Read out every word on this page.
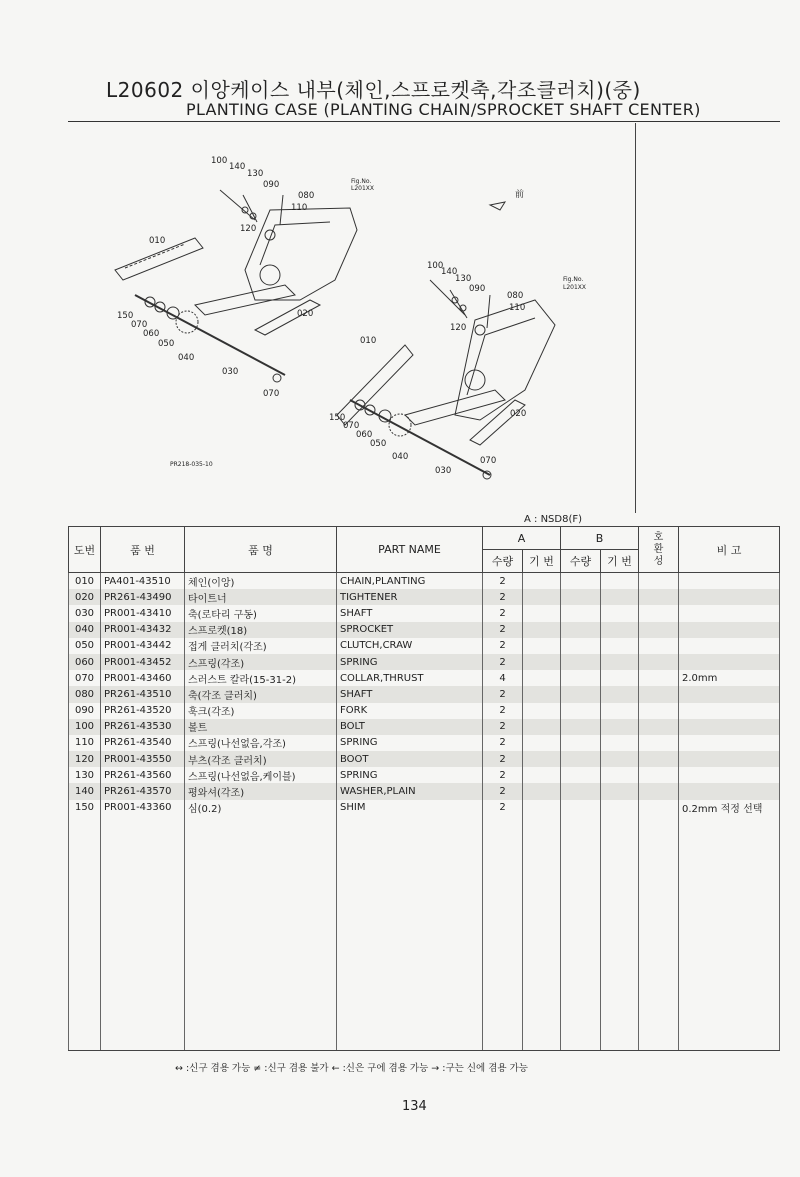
L20602 이앙케이스 내부(체인,스프로켓축,각조클러치)(중)
PLANTING CASE (PLANTING CHAIN/SPROCKET SHAFT CENTER)
100
140
130
090
080
110
120
010
150
070
060
050
040
030
070
020
Fig.No.
L201XX
100
140
130
090
080
110
120
010
150
070
060
050
040
030
070
020
Fig.No.
L201XX
前
PR218-035-10
A : NSD8(F)
도번	품 번	품 명	PART NAME	A		B		호환성	비 고
				수량	기 번	수량	기 번		
010	PA401-43510	체인(이앙)	CHAIN,PLANTING	2					
020	PR261-43490	타이트너	TIGHTENER	2					
030	PR001-43410	축(로타리 구동)	SHAFT	2					
040	PR001-43432	스프로켓(18)	SPROCKET	2					
050	PR001-43442	접게 클러치(각조)	CLUTCH,CRAW	2					
060	PR001-43452	스프링(각조)	SPRING	2					
070	PR001-43460	스러스트 칼라(15-31-2)	COLLAR,THRUST	4					2.0mm
080	PR261-43510	축(각조 클러치)	SHAFT	2					
090	PR261-43520	훅크(각조)	FORK	2					
100	PR261-43530	볼트	BOLT	2					
110	PR261-43540	스프링(나선없음,각조)	SPRING	2					
120	PR001-43550	부츠(각조 클러치)	BOOT	2					
130	PR261-43560	스프링(나선없음,케이블)	SPRING	2					
140	PR261-43570	평와셔(각조)	WASHER,PLAIN	2					
150	PR001-43360	심(0.2)	SHIM	2					0.2mm 적정 선택

↔ :신구 겸용 가능 ≠ :신구 겸용 불가 ← :신은 구에 겸용 가능 → :구는 신에 겸용 가능
134
